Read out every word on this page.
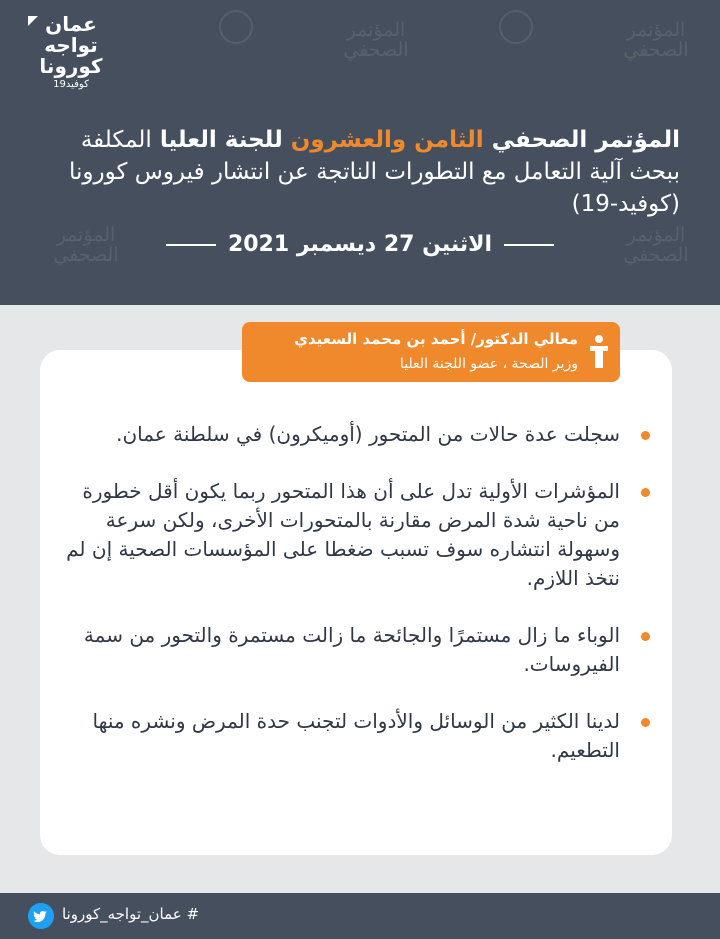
المؤتمر
الصحفي
المؤتمر
الصحفي
المؤتمر
الصحفي
المؤتمر
الصحفي
عمان
تواجه
كورونا
كوفيد19
المؤتمر الصحفي الثامن والعشرون للجنة العليا المكلفة ببحث آلية التعامل مع التطورات الناتجة عن انتشار فيروس كورونا (كوفيد-19)
الاثنين 27 ديسمبر 2021
معالي الدكتور/ أحمد بن محمد السعيدي
وزير الصحة ، عضو اللجنة العليا
سجلت عدة حالات من المتحور (أوميكرون) في سلطنة عمان.
المؤشرات الأولية تدل على أن هذا المتحور ربما يكون أقل خطورة من ناحية شدة المرض مقارنة بالمتحورات الأخرى، ولكن سرعة وسهولة انتشاره سوف تسبب ضغطا على المؤسسات الصحية إن لم نتخذ اللازم.
الوباء ما زال مستمرًا والجائحة ما زالت مستمرة والتحور من سمة الفيروسات.
لدينا الكثير من الوسائل والأدوات لتجنب حدة المرض ونشره منها التطعيم.
# عمان_تواجه_كورونا
